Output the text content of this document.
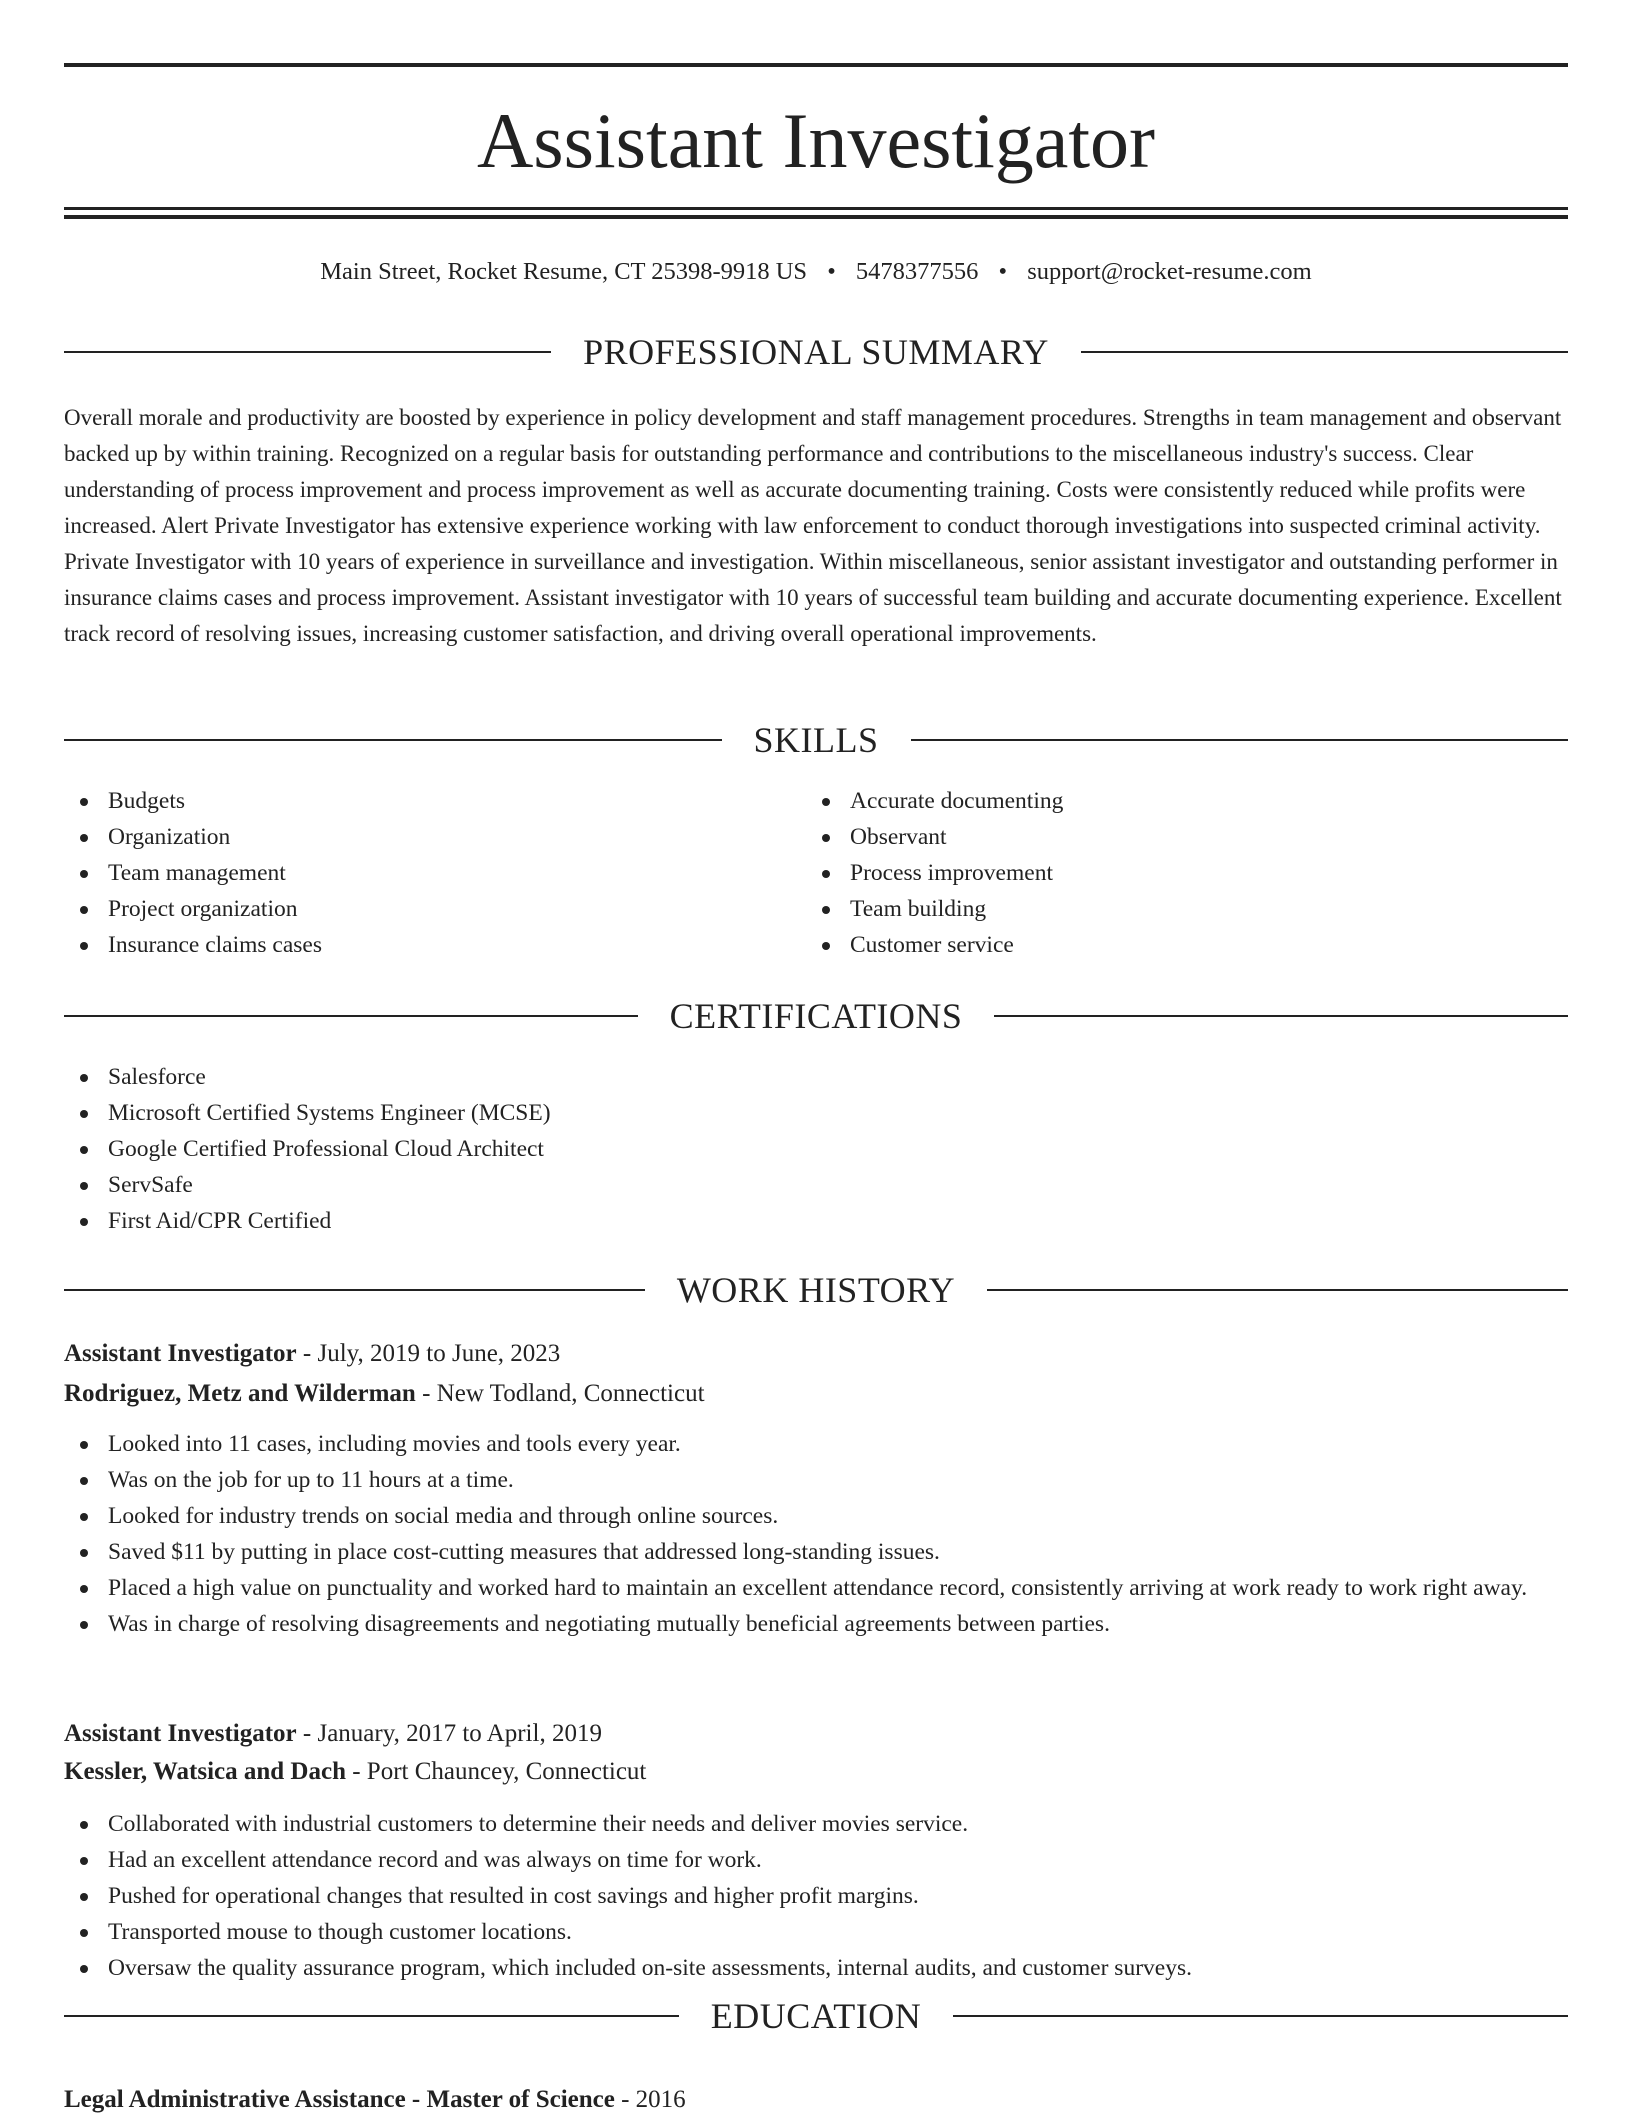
Assistant Investigator
Main Street, Rocket Resume, CT 25398-9918 US • 5478377556 • support@rocket-resume.com
PROFESSIONAL SUMMARY

Overall morale and productivity are boosted by experience in policy development and staff management procedures. Strengths in team management and observant backed up by within training. Recognized on a regular basis for outstanding performance and contributions to the miscellaneous industry's success. Clear understanding of process improvement and process improvement as well as accurate documenting training. Costs were consistently reduced while profits were increased. Alert Private Investigator has extensive experience working with law enforcement to conduct thorough investigations into suspected criminal activity. Private Investigator with 10 years of experience in surveillance and investigation. Within miscellaneous, senior assistant investigator and outstanding performer in insurance claims cases and process improvement. Assistant investigator with 10 years of successful team building and accurate documenting experience. Excellent track record of resolving issues, increasing customer satisfaction, and driving overall operational improvements.

SKILLS
Budgets
Organization
Team management
Project organization
Insurance claims cases
Accurate documenting
Observant
Process improvement
Team building
Customer service
CERTIFICATIONS
Salesforce
Microsoft Certified Systems Engineer (MCSE)
Google Certified Professional Cloud Architect
ServSafe
First Aid/CPR Certified
WORK HISTORY
Assistant Investigator - July, 2019 to June, 2023
Rodriguez, Metz and Wilderman - New Todland, Connecticut
Looked into 11 cases, including movies and tools every year.
Was on the job for up to 11 hours at a time.
Looked for industry trends on social media and through online sources.
Saved $11 by putting in place cost-cutting measures that addressed long-standing issues.
Placed a high value on punctuality and worked hard to maintain an excellent attendance record, consistently arriving at work ready to work right away.
Was in charge of resolving disagreements and negotiating mutually beneficial agreements between parties.
Assistant Investigator - January, 2017 to April, 2019
Kessler, Watsica and Dach - Port Chauncey, Connecticut
Collaborated with industrial customers to determine their needs and deliver movies service.
Had an excellent attendance record and was always on time for work.
Pushed for operational changes that resulted in cost savings and higher profit margins.
Transported mouse to though customer locations.
Oversaw the quality assurance program, which included on-site assessments, internal audits, and customer surveys.
EDUCATION
Legal Administrative Assistance - Master of Science - 2016
